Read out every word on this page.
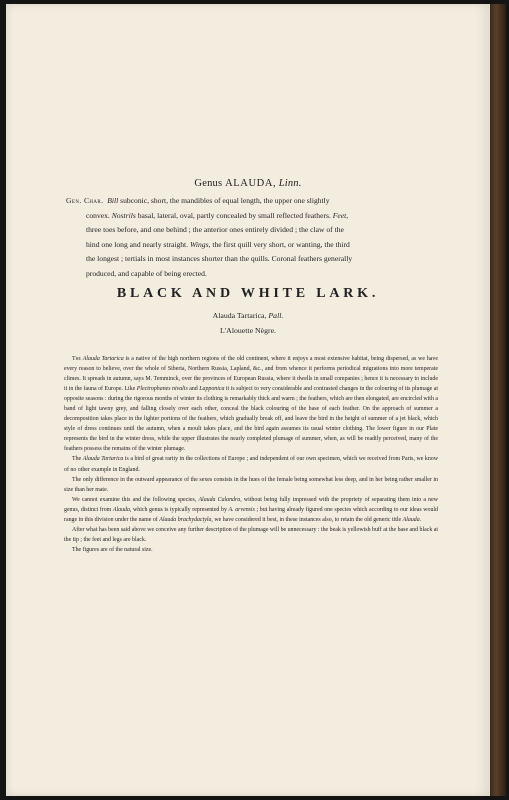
Genus ALAUDA, Linn.
Gen. Char. Bill subconic, short, the mandibles of equal length, the upper one slightly
convex. Nostrils basal, lateral, oval, partly concealed by small reflected feathers. Feet,
three toes before, and one behind ; the anterior ones entirely divided ; the claw of the
hind one long and nearly straight. Wings, the first quill very short, or wanting, the third
the longest ; tertials in most instances shorter than the quills. Coronal feathers generally
produced, and capable of being erected.
BLACK AND WHITE LARK.
Alauda Tartarica, Pall.
L'Alouette Nègre.

The Alauda Tartarica is a native of the high northern regions of the old continent, where it enjoys a most extensive habitat, being dispersed, as we have every reason to believe, over the whole of Siberia, Northern Russia, Lapland, &c., and from whence it performs periodical migrations into more temperate climes. It spreads in autumn, says M. Temminck, over the provinces of European Russia, where it dwells in small companies ; hence it is necessary to include it in the fauna of Europe. Like Plectrophanes nivalis and Lapponica it is subject to very considerable and contrasted changes in the colouring of its plumage at opposite seasons : during the rigorous months of winter its clothing is remarkably thick and warm ; the feathers, which are then elongated, are encircled with a band of light tawny grey, and falling closely over each other, conceal the black colouring of the base of each feather. On the approach of summer a decomposition takes place in the lighter portions of the feathers, which gradually break off, and leave the bird in the height of summer of a jet black, which style of dress continues until the autumn, when a moult takes place, and the bird again assumes its usual winter clothing. The lower figure in our Plate represents the bird in the winter dress, while the upper illustrates the nearly completed plumage of summer, when, as will be readily perceived, many of the feathers possess the remains of the winter plumage.

The Alauda Tartarica is a bird of great rarity in the collections of Europe ; and independent of our own specimen, which we received from Paris, we know of no other example in England.

The only difference in the outward appearance of the sexes consists in the hues of the female being somewhat less deep, and in her being rather smaller in size than her mate.

We cannot examine this and the following species, Alauda Calandra, without being fully impressed with the propriety of separating them into a new genus, distinct from Alauda, which genus is typically represented by A. arvensis ; but having already figured one species which according to our ideas would range in this division under the name of Alauda brachydactyla, we have considered it best, in these instances also, to retain the old generic title Alauda.

After what has been said above we conceive any further description of the plumage will be unnecessary : the beak is yellowish buff at the base and black at the tip ; the feet and legs are black.

The figures are of the natural size.
